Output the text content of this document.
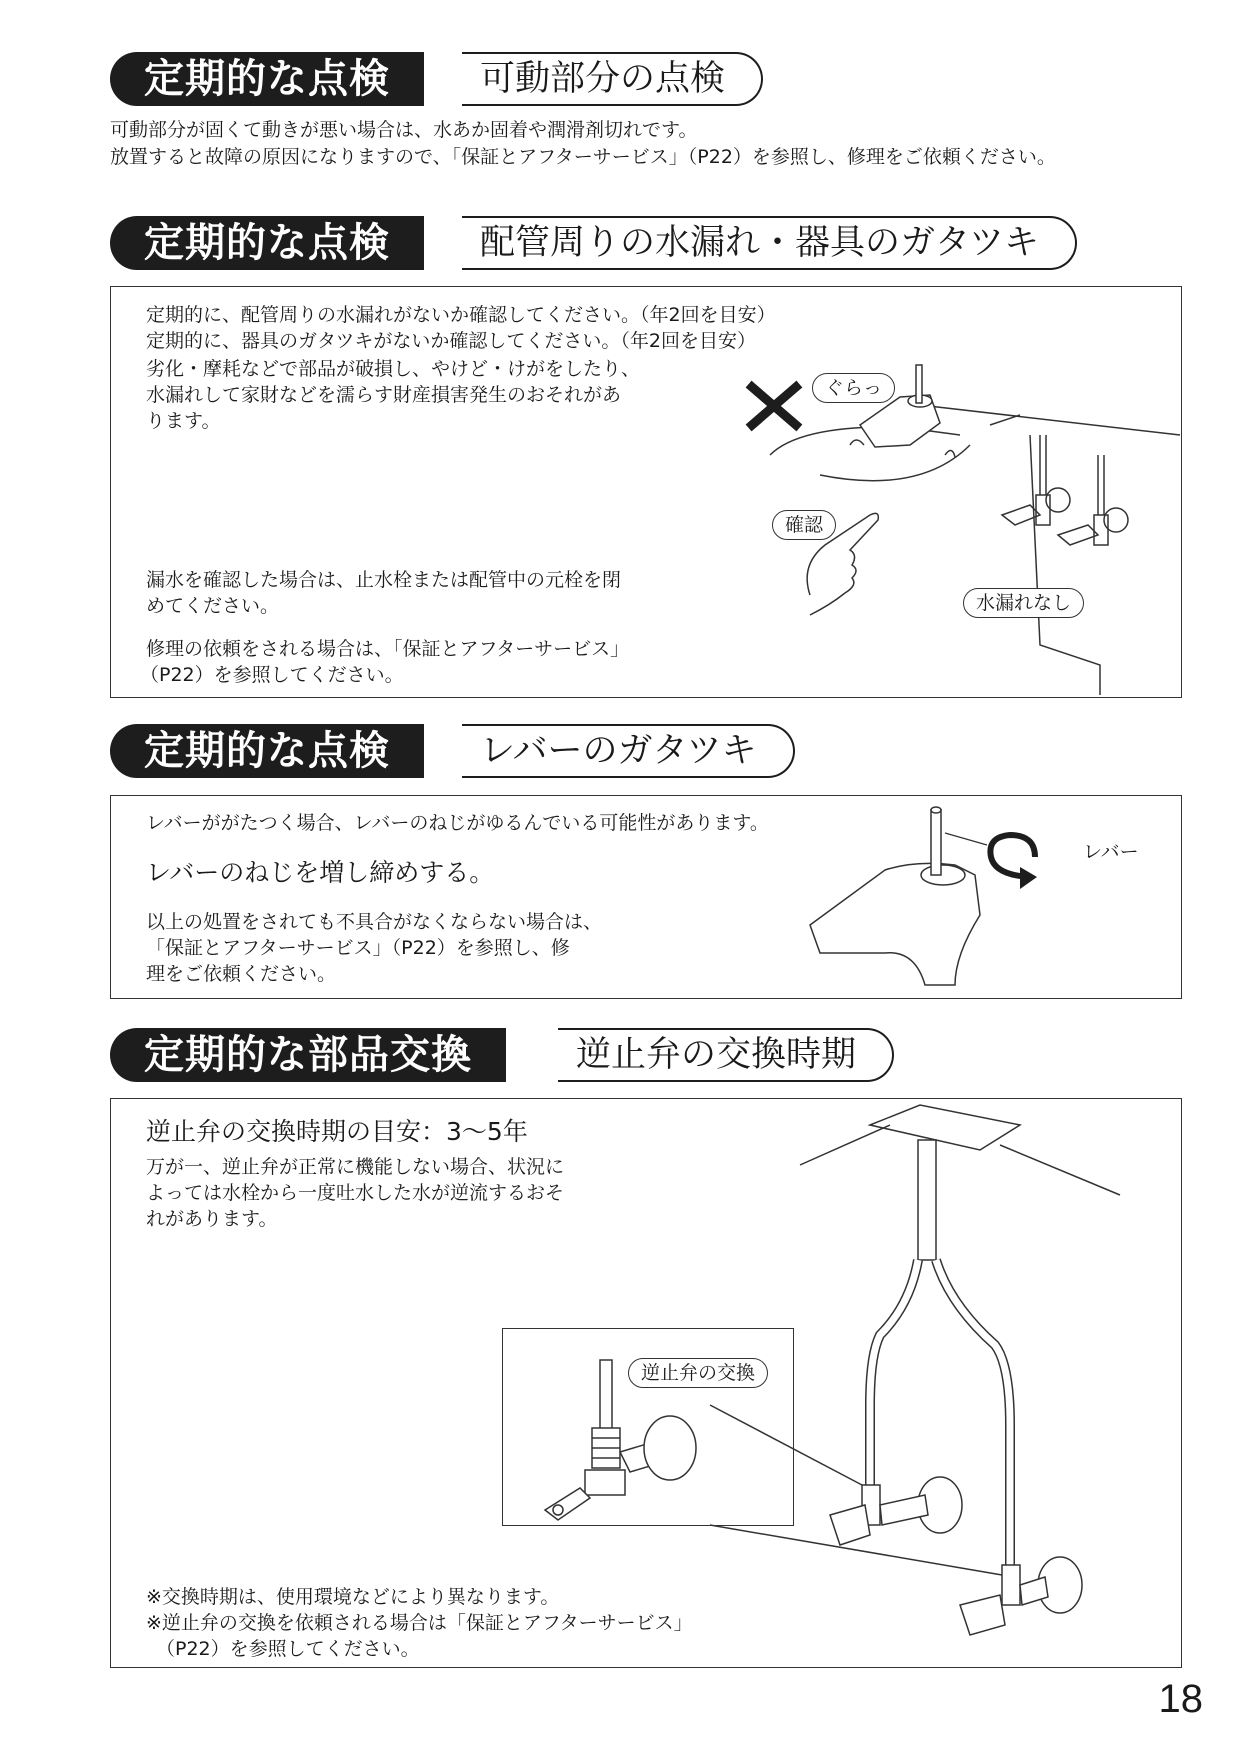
定期的な点検	可動部分の点検
可動部分が固くて動きが悪い場合は、水あか固着や潤滑剤切れです。
放置すると故障の原因になりますので、「保証とアフターサービス」（P22）を参照し、修理をご依頼ください。
定期的な点検	配管周りの水漏れ・器具のガタツキ
定期的に、配管周りの水漏れがないか確認してください。（年2回を目安）
定期的に、器具のガタツキがないか確認してください。（年2回を目安）
劣化・摩耗などで部品が破損し、やけど・けがをしたり、
水漏れして家財などを濡らす財産損害発生のおそれがあ
ります。
漏水を確認した場合は、止水栓または配管中の元栓を閉
めてください。
修理の依頼をされる場合は、「保証とアフターサービス」
（P22）を参照してください。
ぐらっ
確認
水漏れなし
定期的な点検	レバーのガタツキ
レバーががたつく場合、レバーのねじがゆるんでいる可能性があります。
レバーのねじを増し締めする。
以上の処置をされても不具合がなくならない場合は、
「保証とアフターサービス」（P22）を参照し、修
理をご依頼ください。
レバー
定期的な部品交換	逆止弁の交換時期
逆止弁の交換時期の目安：3～5年
万が一、逆止弁が正常に機能しない場合、状況に
よっては水栓から一度吐水した水が逆流するおそ
れがあります。
逆止弁の交換
※交換時期は、使用環境などにより異なります。
※逆止弁の交換を依頼される場合は「保証とアフターサービス」
（P22）を参照してください。
18
